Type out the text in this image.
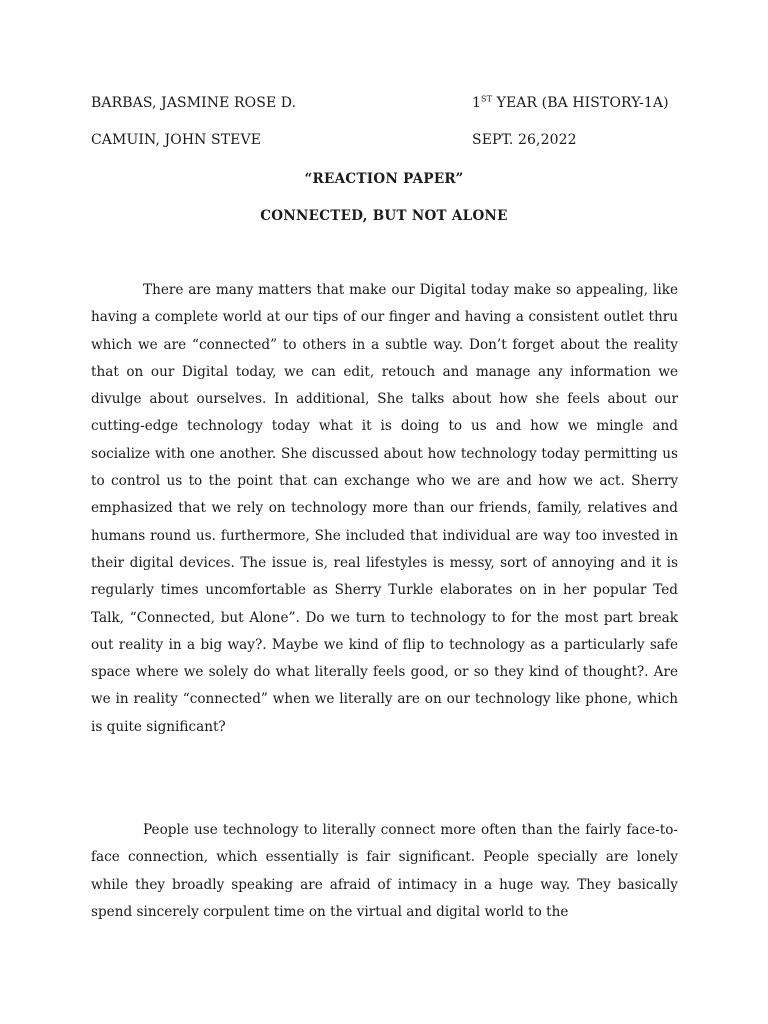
BARBAS, JASMINE ROSE D.	1ST YEAR (BA HISTORY-1A)
CAMUIN, JOHN STEVE	SEPT. 26,2022
“REACTION PAPER”
CONNECTED, BUT NOT ALONE

There are many matters that make our Digital today make so appealing, like having a complete world at our tips of our finger and having a consistent outlet thru which we are “connected” to others in a subtle way. Don’t forget about the reality that on our Digital today, we can edit, retouch and manage any information we divulge about ourselves. In additional, She talks about how she feels about our cutting-edge technology today what it is doing to us and how we mingle and socialize with one another. She discussed about how technology today permitting us to control us to the point that can exchange who we are and how we act. Sherry emphasized that we rely on technology more than our friends, family, relatives and humans round us. furthermore, She included that individual are way too invested in their digital devices. The issue is, real lifestyles is messy, sort of annoying and it is regularly times uncomfortable as Sherry Turkle elaborates on in her popular Ted Talk, “Connected, but Alone”. Do we turn to technology to for the most part break out reality in a big way?. Maybe we kind of flip to technology as a particularly safe space where we solely do what literally feels good, or so they kind of thought?. Are we in reality “connected” when we literally are on our technology like phone, which is quite significant?

People use technology to literally connect more often than the fairly face-to-face connection, which essentially is fair significant. People specially are lonely while they broadly speaking are afraid of intimacy in a huge way. They basically spend sincerely corpulent time on the virtual and digital world to the
